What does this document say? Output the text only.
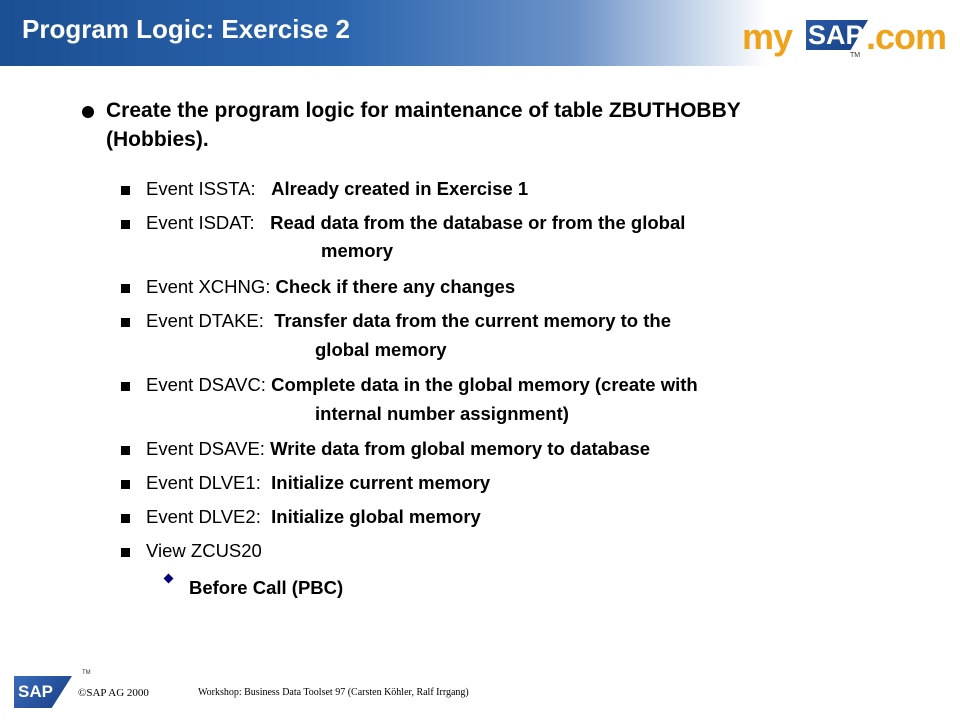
Program Logic: Exercise 2	my SAP .com
TM
Create the program logic for maintenance of table ZBUTHOBBY (Hobbies).
Event ISSTA: Already created in Exercise 1
Event ISDAT: Read data from the database or from the global
memory
Event XCHNG: Check if there any changes
Event DTAKE: Transfer data from the current memory to the
global memory
Event DSAVC: Complete data in the global memory (create with
internal number assignment)
Event DSAVE: Write data from global memory to database
Event DLVE1: Initialize current memory
Event DLVE2: Initialize global memory
View ZCUS20
Before Call (PBC)
SAP
TM
©SAP AG 2000	Workshop: Business Data Toolset 97 (Carsten Köhler, Ralf Irrgang)
